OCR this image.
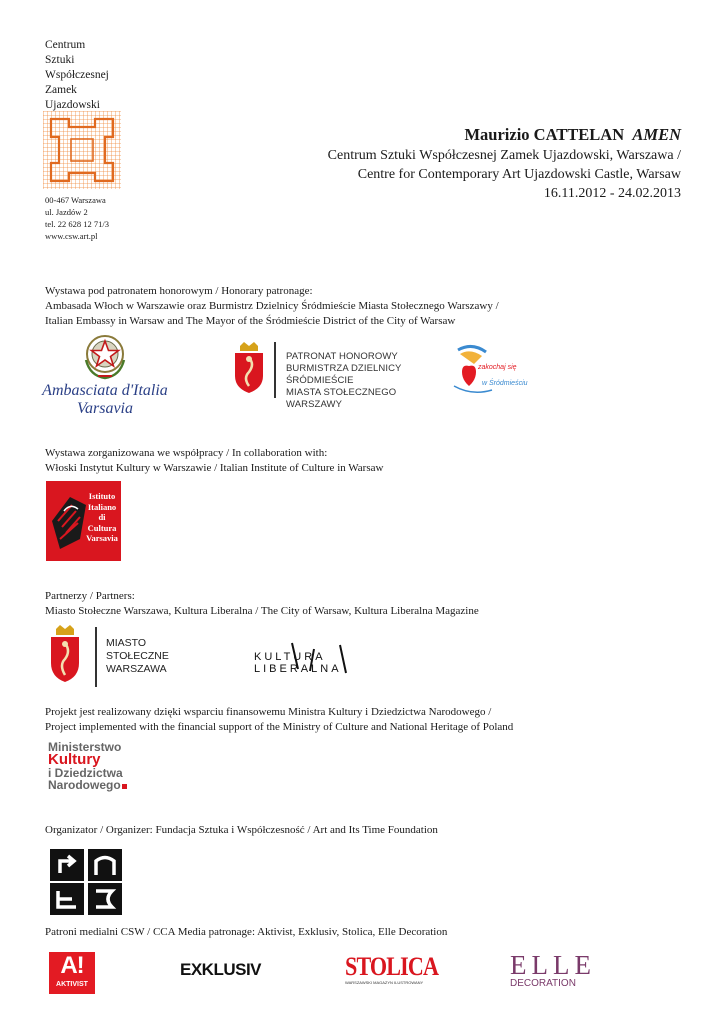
Centrum
Sztuki
Współczesnej
Zamek
Ujazdowski
00-467 Warszawa
ul. Jazdów 2
tel. 22 628 12 71/3
www.csw.art.pl
Maurizio CATTELAN AMEN
Centrum Sztuki Współczesnej Zamek Ujazdowski, Warszawa /
Centre for Contemporary Art Ujazdowski Castle, Warsaw
16.11.2012 - 24.02.2013
Wystawa pod patronatem honorowym / Honorary patronage:
Ambasada Włoch w Warszawie oraz Burmistrz Dzielnicy Śródmieście Miasta Stołecznego Warszawy /
Italian Embassy in Warsaw and The Mayor of the Śródmieście District of the City of Warsaw
Ambasciata d'Italia
Varsavia
PATRONAT HONOROWY
BURMISTRZA DZIELNICY ŚRÓDMIEŚCIE
MIASTA STOŁECZNEGO WARSZAWY
zakochaj się
w Śródmieściu
Wystawa zorganizowana we współpracy / In collaboration with:
Włoski Instytut Kultury w Warszawie / Italian Institute of Culture in Warsaw
Istituto
Italiano
di
Cultura
Varsavia
Partnerzy / Partners:
Miasto Stołeczne Warszawa, Kultura Liberalna / The City of Warsaw, Kultura Liberalna Magazine
MIASTO
STOŁECZNE
WARSZAWA
KULTURA LIBERALNA
Projekt jest realizowany dzięki wsparciu finansowemu Ministra Kultury i Dziedzictwa Narodowego /
Project implemented with the financial support of the Ministry of Culture and National Heritage of Poland
Ministerstwo
Kultury
i Dziedzictwa
Narodowego
Organizator / Organizer: Fundacja Sztuka i Współczesność / Art and Its Time Foundation
Patroni medialni CSW / CCA Media patronage: Aktivist, Exklusiv, Stolica, Elle Decoration
A!
AKTIVIST
EXKLUSIV	STOLICA
WARSZAWSKI MAGAZYN ILUSTROWANY
ELLE
DECORATION
